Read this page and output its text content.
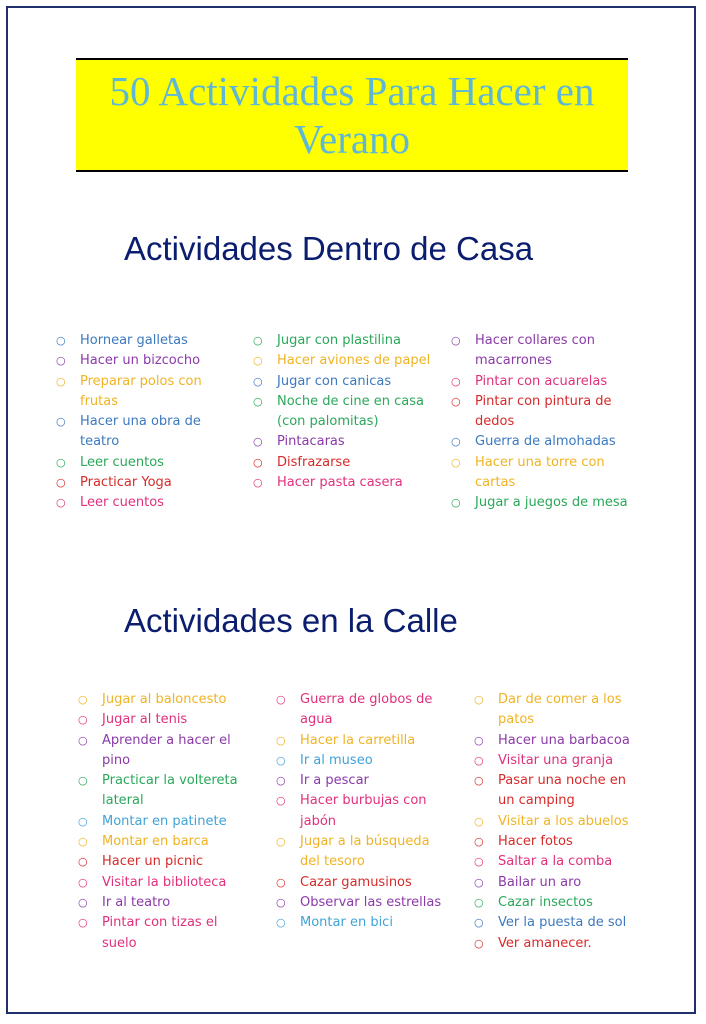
50 Actividades Para Hacer en Verano
Actividades Dentro de Casa
○ Hornear galletas
○ Hacer un bizcocho
○ Preparar polos con frutas
○ Hacer una obra de teatro
○ Leer cuentos
○ Practicar Yoga
○ Leer cuentos
○ Jugar con plastilina
○ Hacer aviones de papel
○ Jugar con canicas
○ Noche de cine en casa (con palomitas)
○ Pintacaras
○ Disfrazarse
○ Hacer pasta casera
○ Hacer collares con macarrones
○ Pintar con acuarelas
○ Pintar con pintura de dedos
○ Guerra de almohadas
○ Hacer una torre con cartas
○ Jugar a juegos de mesa
Actividades en la Calle
○ Jugar al baloncesto
○ Jugar al tenis
○ Aprender a hacer el pino
○ Practicar la voltereta lateral
○ Montar en patinete
○ Montar en barca
○ Hacer un picnic
○ Visitar la biblioteca
○ Ir al teatro
○ Pintar con tizas el suelo
○ Guerra de globos de agua
○ Hacer la carretilla
○ Ir al museo
○ Ir a pescar
○ Hacer burbujas con jabón
○ Jugar a la búsqueda del tesoro
○ Cazar gamusinos
○ Observar las estrellas
○ Montar en bici
○ Dar de comer a los patos
○ Hacer una barbacoa
○ Visitar una granja
○ Pasar una noche en un camping
○ Visitar a los abuelos
○ Hacer fotos
○ Saltar a la comba
○ Bailar un aro
○ Cazar insectos
○ Ver la puesta de sol
○ Ver amanecer.
